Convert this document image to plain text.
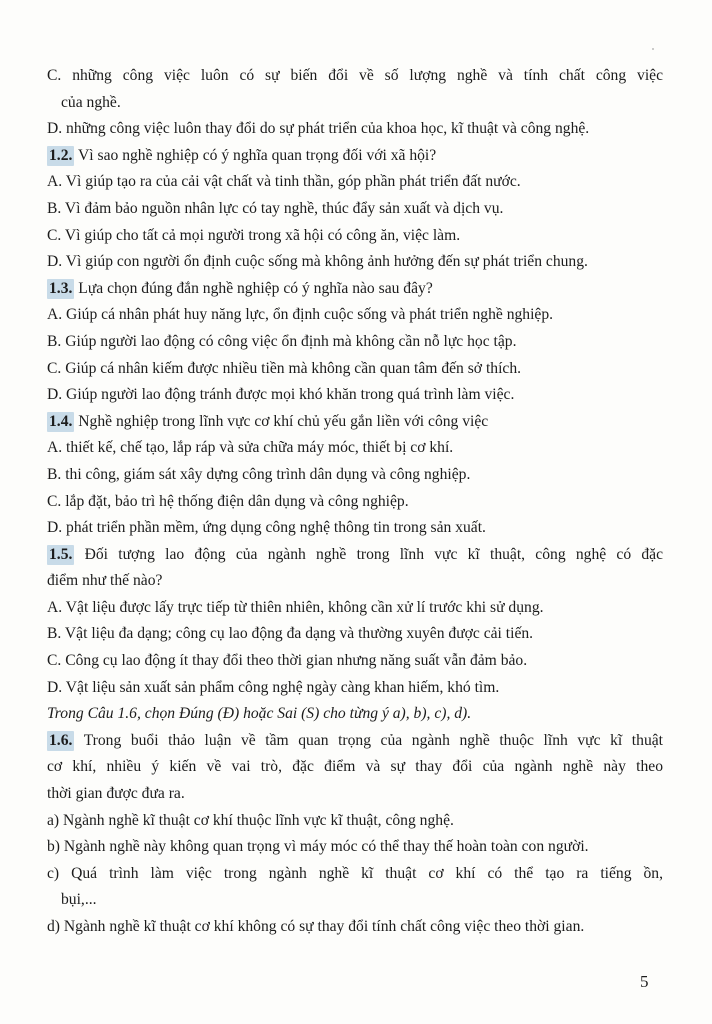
C. những công việc luôn có sự biến đổi về số lượng nghề và tính chất công việc

của nghề.

D. những công việc luôn thay đổi do sự phát triển của khoa học, kĩ thuật và công nghệ.

1.2. Vì sao nghề nghiệp có ý nghĩa quan trọng đối với xã hội?

A. Vì giúp tạo ra của cải vật chất và tinh thần, góp phần phát triển đất nước.

B. Vì đảm bảo nguồn nhân lực có tay nghề, thúc đẩy sản xuất và dịch vụ.

C. Vì giúp cho tất cả mọi người trong xã hội có công ăn, việc làm.

D. Vì giúp con người ổn định cuộc sống mà không ảnh hưởng đến sự phát triển chung.

1.3. Lựa chọn đúng đắn nghề nghiệp có ý nghĩa nào sau đây?

A. Giúp cá nhân phát huy năng lực, ổn định cuộc sống và phát triển nghề nghiệp.

B. Giúp người lao động có công việc ổn định mà không cần nỗ lực học tập.

C. Giúp cá nhân kiếm được nhiều tiền mà không cần quan tâm đến sở thích.

D. Giúp người lao động tránh được mọi khó khăn trong quá trình làm việc.

1.4. Nghề nghiệp trong lĩnh vực cơ khí chủ yếu gắn liền với công việc

A. thiết kế, chế tạo, lắp ráp và sửa chữa máy móc, thiết bị cơ khí.

B. thi công, giám sát xây dựng công trình dân dụng và công nghiệp.

C. lắp đặt, bảo trì hệ thống điện dân dụng và công nghiệp.

D. phát triển phần mềm, ứng dụng công nghệ thông tin trong sản xuất.

1.5. Đối tượng lao động của ngành nghề trong lĩnh vực kĩ thuật, công nghệ có đặc

điểm như thế nào?

A. Vật liệu được lấy trực tiếp từ thiên nhiên, không cần xử lí trước khi sử dụng.

B. Vật liệu đa dạng; công cụ lao động đa dạng và thường xuyên được cải tiến.

C. Công cụ lao động ít thay đổi theo thời gian nhưng năng suất vẫn đảm bảo.

D. Vật liệu sản xuất sản phẩm công nghệ ngày càng khan hiếm, khó tìm.

Trong Câu 1.6, chọn Đúng (Đ) hoặc Sai (S) cho từng ý a), b), c), d).

1.6. Trong buổi thảo luận về tầm quan trọng của ngành nghề thuộc lĩnh vực kĩ thuật

cơ khí, nhiều ý kiến về vai trò, đặc điểm và sự thay đổi của ngành nghề này theo

thời gian được đưa ra.

a) Ngành nghề kĩ thuật cơ khí thuộc lĩnh vực kĩ thuật, công nghệ.

b) Ngành nghề này không quan trọng vì máy móc có thể thay thế hoàn toàn con người.

c) Quá trình làm việc trong ngành nghề kĩ thuật cơ khí có thể tạo ra tiếng ồn,

bụi,...

d) Ngành nghề kĩ thuật cơ khí không có sự thay đổi tính chất công việc theo thời gian.

5
